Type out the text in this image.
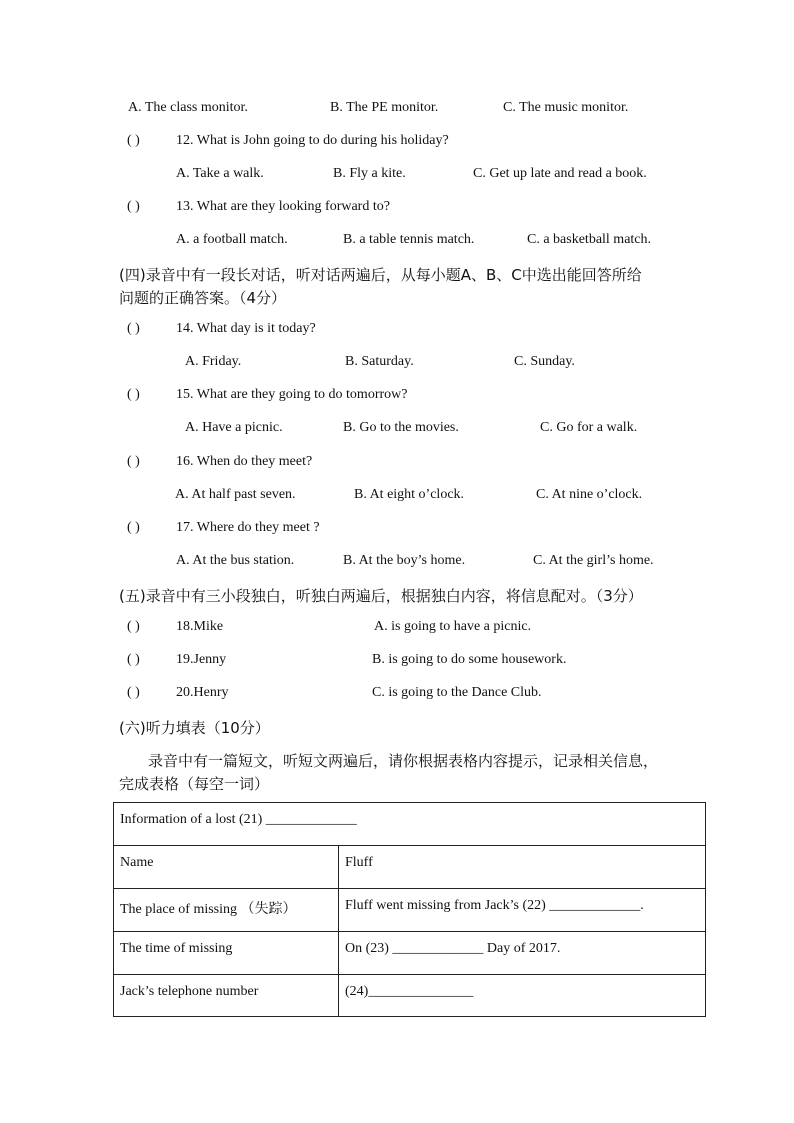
A. The class monitor.	B. The PE monitor.	C. The music monitor.
( )	12. What is John going to do during his holiday?
A. Take a walk.	B. Fly a kite.	C. Get up late and read a book.
( )	13. What are they looking forward to?
A. a football match.	B. a table tennis match.	C. a basketball match.
(四)录音中有一段长对话，听对话两遍后，从每小题A、B、C中选出能回答所给
问题的正确答案。（4分）
( )	14. What day is it today?
A. Friday.	B. Saturday.	C. Sunday.
( )	15. What are they going to do tomorrow?
A. Have a picnic.	B. Go to the movies.	C. Go for a walk.
( )	16. When do they meet?
A. At half past seven.	B. At eight o’clock.	C. At nine o’clock.
( )	17. Where do they meet ?
A. At the bus station.	B. At the boy’s home.	C. At the girl’s home.
(五)录音中有三小段独白，听独白两遍后，根据独白内容，将信息配对。（3分）
( )	18.Mike	A. is going to have a picnic.
( )	19.Jenny	B. is going to do some housework.
( )	20.Henry	C. is going to the Dance Club.
(六)听力填表（10分）
录音中有一篇短文，听短文两遍后，请你根据表格内容提示，记录相关信息，
完成表格（每空一词）
Information of a lost (21) _____________	
Name	Fluff
The place of missing （失踪）	Fluff went missing from Jack’s (22) _____________.
The time of missing	On (23) _____________ Day of 2017.
Jack’s telephone number	(24)_______________
